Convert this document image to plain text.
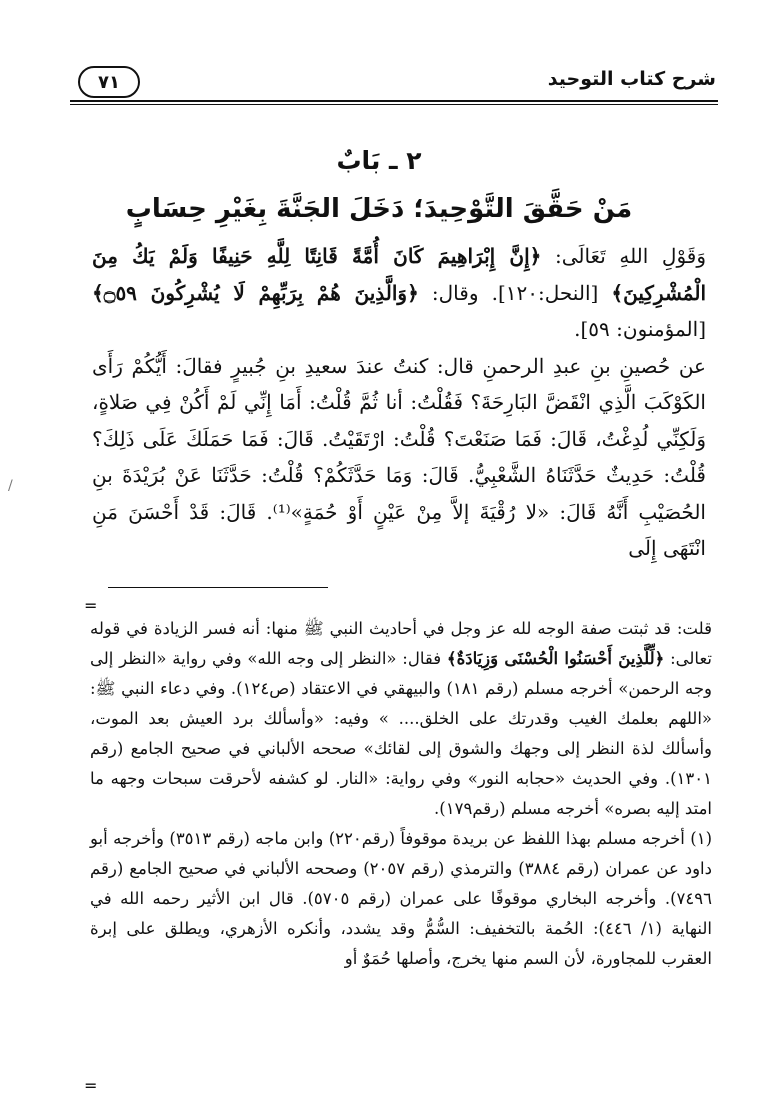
شرح كتاب التوحيد
٧١
٢ ـ بَابٌ
مَنْ حَقَّقَ التَّوْحِيدَ؛ دَخَلَ الجَنَّةَ بِغَيْرِ حِسَابٍ

وَقَوْلِ اللهِ تَعَالَى: ﴿إِنَّ إِبْرَاهِيمَ كَانَ أُمَّةً قَانِتًا لِلَّهِ حَنِيفًا وَلَمْ يَكُ مِنَ الْمُشْرِكِينَ﴾ [النحل:١٢٠]. وقال: ﴿وَالَّذِينَ هُمْ بِرَبِّهِمْ لَا يُشْرِكُونَ ۝٥٩﴾ [المؤمنون: ٥٩].

عن حُصينِ بنِ عبدِ الرحمنِ قال: كنتُ عندَ سعيدِ بنِ جُبيرٍ فقالَ: أَيُّكُمْ رَأَى الكَوْكَبَ الَّذِي انْقَضَّ البَارِحَةَ؟ فَقُلْتُ: أنا ثُمَّ قُلْتُ: أَمَا إِنِّي لَمْ أَكُنْ فِي صَلاةٍ، وَلَكِنِّي لُدِغْتُ، قَالَ: فَمَا صَنَعْتَ؟ قُلْتُ: ارْتَقَيْتُ. قَالَ: فَمَا حَمَلَكَ عَلَى ذَلِكَ؟ قُلْتُ: حَدِيثٌ حَدَّثَنَاهُ الشَّعْبِيُّ. قَالَ: وَمَا حَدَّثَكُمْ؟ قُلْتُ: حَدَّثَنَا عَنْ بُرَيْدَةَ بنِ الحُصَيْبِ أَنَّهُ قَالَ: «لا رُقْيَةَ إلاَّ مِنْ عَيْنٍ أَوْ حُمَةٍ»⁽¹⁾. قَالَ: قَدْ أَحْسَنَ مَنِ انْتَهَى إِلَى

=

قلت: قد ثبتت صفة الوجه لله عز وجل في أحاديث النبي ﷺ منها: أنه فسر الزيادة في قوله تعالى: ﴿لِّلَّذِينَ أَحْسَنُوا الْحُسْنَى وَزِيَادَةٌ﴾ فقال: «النظر إلى وجه الله» وفي رواية «النظر إلى وجه الرحمن» أخرجه مسلم (رقم ١٨١) والبيهقي في الاعتقاد (ص١٢٤). وفي دعاء النبي ﷺ: «اللهم بعلمك الغيب وقدرتك على الخلق.... » وفيه: «وأسألك برد العيش بعد الموت، وأسألك لذة النظر إلى وجهك والشوق إلى لقائك» صححه الألباني في صحيح الجامع (رقم ١٣٠١). وفي الحديث «حجابه النور» وفي رواية: «النار. لو كشفه لأحرقت سبحات وجهه ما امتد إليه بصره» أخرجه مسلم (رقم١٧٩).

(١) أخرجه مسلم بهذا اللفظ عن بريدة موقوفاً (رقم٢٢٠) وابن ماجه (رقم ٣٥١٣) وأخرجه أبو داود عن عمران (رقم ٣٨٨٤) والترمذي (رقم ٢٠٥٧) وصححه الألباني في صحيح الجامع (رقم ٧٤٩٦). وأخرجه البخاري موقوفًا على عمران (رقم ٥٧٠٥). قال ابن الأثير رحمه الله في النهاية (١/ ٤٤٦): الحُمة بالتخفيف: السُّمُّ وقد يشدد، وأنكره الأزهري، ويطلق على إبرة العقرب للمجاورة، لأن السم منها يخرج، وأصلها حُمَوٌ أو

=
/
